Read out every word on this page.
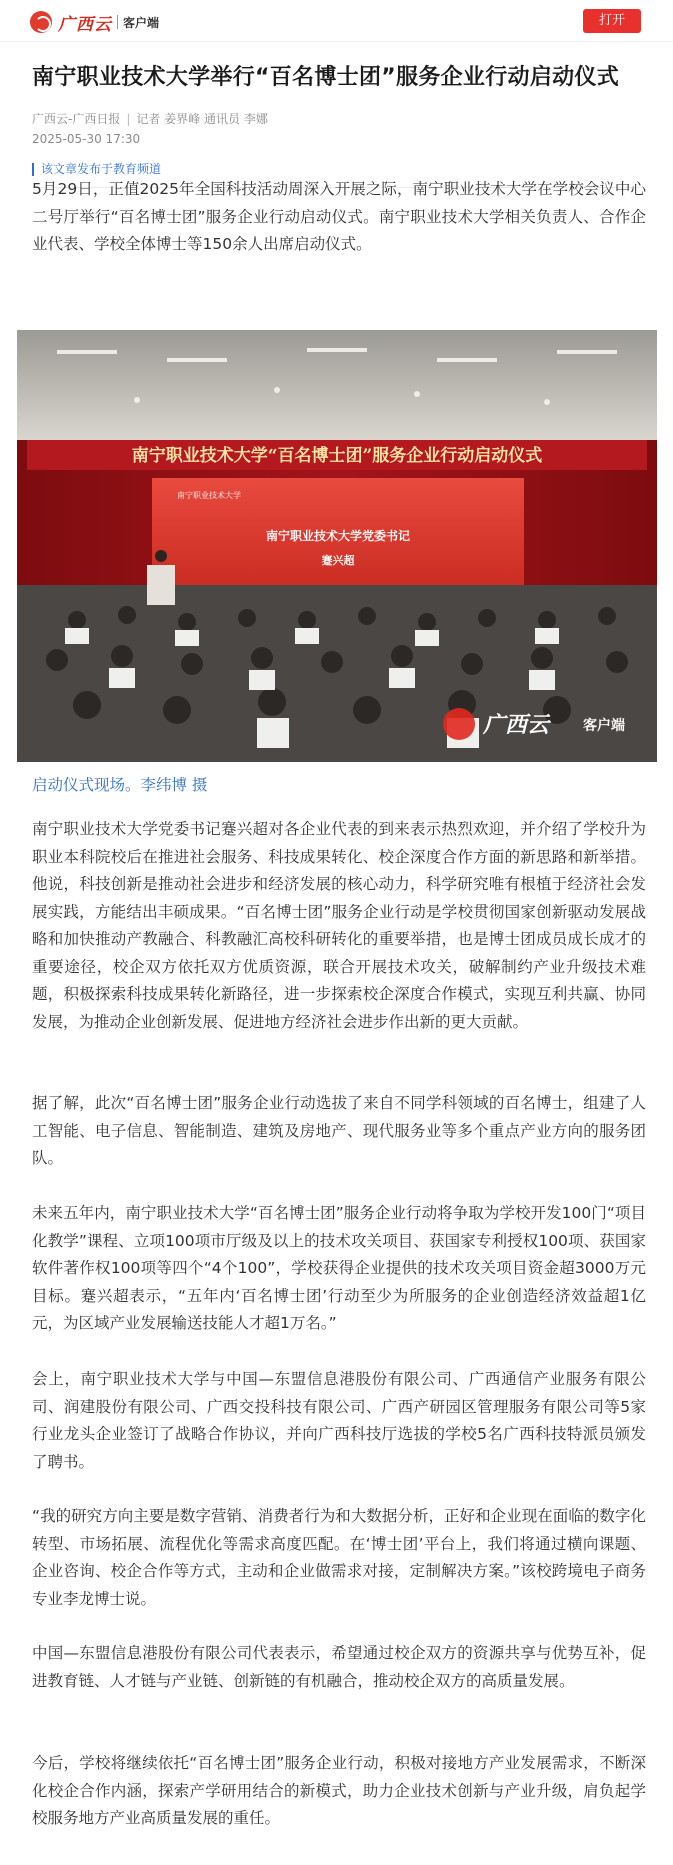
广西云 客户端	打开
南宁职业技术大学举行“百名博士团”服务企业行动启动仪式
广西云-广西日报 | 记者 姜界峰 通讯员 李娜
2025-05-30 17:30
该文章发布于教育频道

5月29日，正值2025年全国科技活动周深入开展之际，南宁职业技术大学在学校会议中心二号厅举行“百名博士团”服务企业行动启动仪式。南宁职业技术大学相关负责人、合作企业代表、学校全体博士等150余人出席启动仪式。

南宁职业技术大学“百名博士团”服务企业行动启动仪式
南宁职业技术大学
南宁职业技术大学党委书记
蹇兴超
广西云 客户端
启动仪式现场。李纬博 摄

南宁职业技术大学党委书记蹇兴超对各企业代表的到来表示热烈欢迎，并介绍了学校升为职业本科院校后在推进社会服务、科技成果转化、校企深度合作方面的新思路和新举措。他说，科技创新是推动社会进步和经济发展的核心动力，科学研究唯有根植于经济社会发展实践，方能结出丰硕成果。“百名博士团”服务企业行动是学校贯彻国家创新驱动发展战略和加快推动产教融合、科教融汇高校科研转化的重要举措，也是博士团成员成长成才的重要途径，校企双方依托双方优质资源，联合开展技术攻关，破解制约产业升级技术难题，积极探索科技成果转化新路径，进一步探索校企深度合作模式，实现互利共赢、协同发展，为推动企业创新发展、促进地方经济社会进步作出新的更大贡献。

据了解，此次“百名博士团”服务企业行动选拔了来自不同学科领域的百名博士，组建了人工智能、电子信息、智能制造、建筑及房地产、现代服务业等多个重点产业方向的服务团队。

未来五年内，南宁职业技术大学“百名博士团”服务企业行动将争取为学校开发100门“项目化教学”课程、立项100项市厅级及以上的技术攻关项目、获国家专利授权100项、获国家软件著作权100项等四个“4个100”，学校获得企业提供的技术攻关项目资金超3000万元目标。蹇兴超表示，“五年内‘百名博士团’行动至少为所服务的企业创造经济效益超1亿元，为区域产业发展输送技能人才超1万名。”

会上，南宁职业技术大学与中国—东盟信息港股份有限公司、广西通信产业服务有限公司、润建股份有限公司、广西交投科技有限公司、广西产研园区管理服务有限公司等5家行业龙头企业签订了战略合作协议，并向广西科技厅选拔的学校5名广西科技特派员颁发了聘书。

“我的研究方向主要是数字营销、消费者行为和大数据分析，正好和企业现在面临的数字化转型、市场拓展、流程优化等需求高度匹配。在‘博士团’平台上，我们将通过横向课题、企业咨询、校企合作等方式，主动和企业做需求对接，定制解决方案。”该校跨境电子商务专业李龙博士说。

中国—东盟信息港股份有限公司代表表示，希望通过校企双方的资源共享与优势互补，促进教育链、人才链与产业链、创新链的有机融合，推动校企双方的高质量发展。

今后，学校将继续依托“百名博士团”服务企业行动，积极对接地方产业发展需求，不断深化校企合作内涵，探索产学研用结合的新模式，助力企业技术创新与产业升级，肩负起学校服务地方产业高质量发展的重任。
